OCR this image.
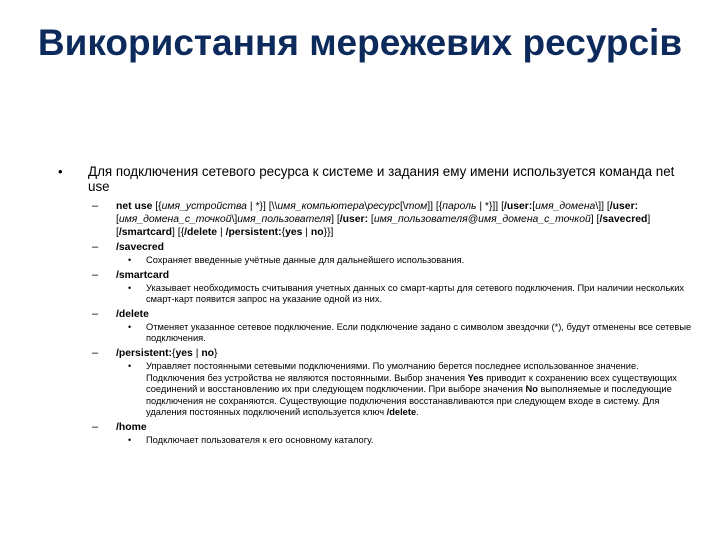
Використання мережевих ресурсів
• Для подключения сетевого ресурса к системе и задания ему имени используется команда net use
– net use [{имя_устройства | *}] [\\имя_компьютера\ресурс[\том]] [{пароль | *}]] [/user:[имя_домена\]] [/user:[имя_домена_с_точкой\]имя_пользователя] [/user: [имя_пользователя@имя_домена_с_точкой] [/savecred] [/smartcard] [{/delete | /persistent:{yes | no}}]
– /savecred
• Сохраняет введенные учётные данные для дальнейшего использования.
– /smartcard
• Указывает необходимость считывания учетных данных со смарт-карты для сетевого подключения. При наличии нескольких смарт-карт появится запрос на указание одной из них.
– /delete
• Отменяет указанное сетевое подключение. Если подключение задано с символом звездочки (*), будут отменены все сетевые подключения.
– /persistent:{yes | no}
• Управляет постоянными сетевыми подключениями. По умолчанию берется последнее использованное значение. Подключения без устройства не являются постоянными. Выбор значения Yes приводит к сохранению всех существующих соединений и восстановлению их при следующем подключении. При выборе значения No выполняемые и последующие подключения не сохраняются. Существующие подключения восстанавливаются при следующем входе в систему. Для удаления постоянных подключений используется ключ /delete.
– /home
• Подключает пользователя к его основному каталогу.
